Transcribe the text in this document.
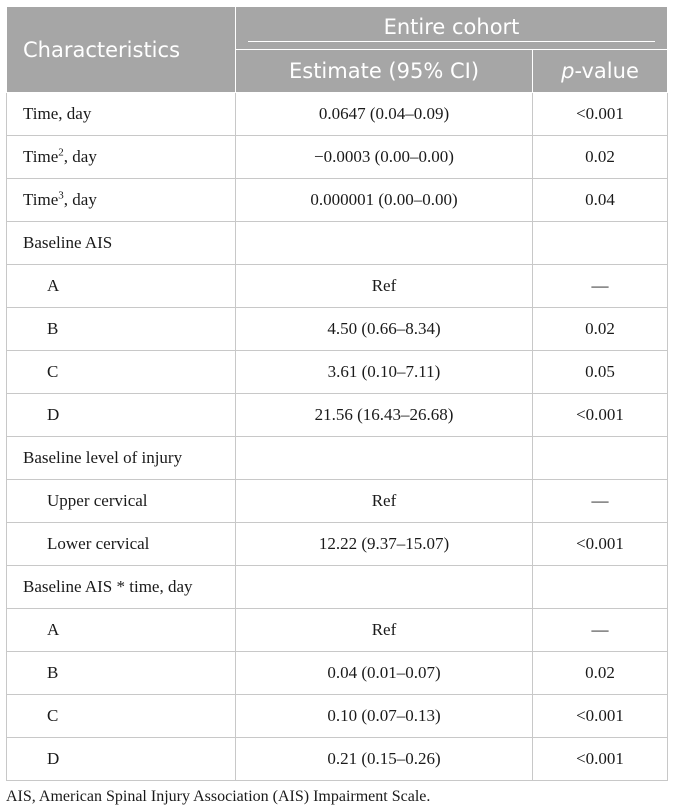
Characteristics	Entire cohort	

	Estimate (95% CI)	p-value
Time, day	0.0647 (0.04–0.09)	<0.001
Time$^2$, day	−0.0003 (0.00–0.00)	0.02
Time$^3$, day	0.000001 (0.00–0.00)	0.04
Baseline AIS		
A	Ref	—
B	4.50 (0.66–8.34)	0.02
C	3.61 (0.10–7.11)	0.05
D	21.56 (16.43–26.68)	<0.001
Baseline level of injury		
Upper cervical	Ref	—
Lower cervical	12.22 (9.37–15.07)	<0.001
Baseline AIS * time, day		
A	Ref	—
B	0.04 (0.01–0.07)	0.02
C	0.10 (0.07–0.13)	<0.001
D	0.21 (0.15–0.26)	<0.001
AIS, American Spinal Injury Association (AIS) Impairment Scale.
